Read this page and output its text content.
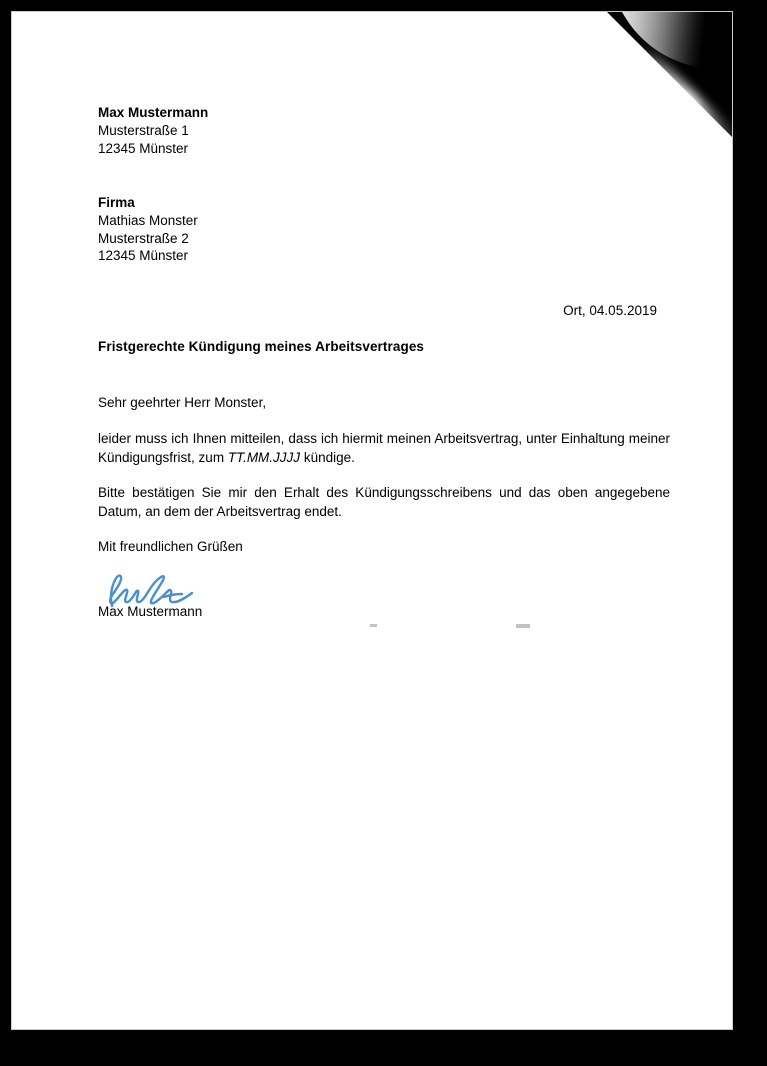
Max Mustermann
Musterstraße 1
12345 Münster
Firma
Mathias Monster
Musterstraße 2
12345 Münster
Ort, 04.05.2019
Fristgerechte Kündigung meines Arbeitsvertrages
Sehr geehrter Herr Monster,
leider muss ich Ihnen mitteilen, dass ich hiermit meinen Arbeitsvertrag, unter Einhaltung meiner Kündigungsfrist, zum TT.MM.JJJJ kündige.
Bitte bestätigen Sie mir den Erhalt des Kündigungsschreibens und das oben angegebene Datum, an dem der Arbeitsvertrag endet.
Mit freundlichen Grüßen
Max Mustermann
